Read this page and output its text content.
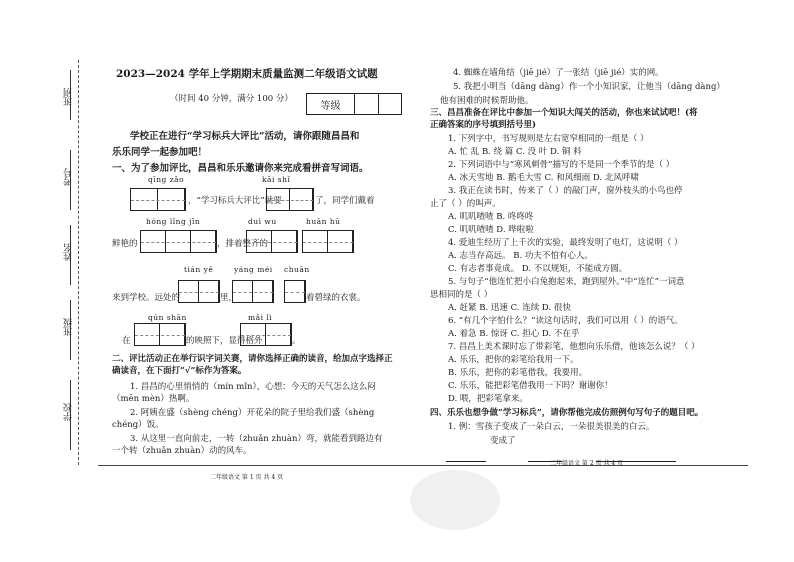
班别
考号
姓名
班级
学校
2023—2024 学年上学期期末质量监测二年级语文试题
（时间 40 分钟，满分 100 分）
等级
学校正在进行“学习标兵大评比”活动，请你跟随昌昌和
乐乐同学一起参加吧！
一、为了参加评比，昌昌和乐乐邀请你来完成看拼音写词语。
qīng zǎo	kāi shǐ
，“学习标兵大评比”就要	了，同学们戴着
hóng lǐng jīn	duì wu	huān hū
鲜艳的	，排着整齐的
tián yě	yáng méi chuān
来到学校。远处的	里，	着碧绿的衣裳。
qún shān	mǎi lì
在	的映照下，显得格外	。
二、评比活动正在举行识字词关赛，请你选择正确的读音，给加点字选择正
确读音，在下面打“√”标作为答案。
1. 昌昌的心里悄悄的（mín mǐn），心想：今天的天气怎么这么闷
（mēn mèn）热啊。
2. 阿姨在盛（shèng chéng）开花朵的院子里给我们盛（shèng
chéng）饭。
3. 从这里一直向前走，一转（zhuǎn zhuàn）弯，就能看到路边有
一个转（zhuǎn zhuàn）动的风车。
二年级语文 第 1 页 共 4 页
4. 蜘蛛在墙角结（jiē jié）了一张结（jiē jié）实的网。
5. 我把小明当（dāng dàng）作一个小知识家，让他当（dāng dàng）
他有困难的时候帮助他。
三、昌昌准备在评比中参加一个知识大闯关的活动，你也来试试吧！(将
正确答案的序号填到括号里)
1. 下列字中，书写规则是左右宽窄相同的一组是（ ）
A. 忙 乱 B. 绕 篇 C. 没 叶 D. 铜 料
2. 下列词语中与“寒风刺骨”描写的不是同一个季节的是（ ）
A. 冰天雪地 B. 鹅毛大雪 C. 和风细雨 D. 北风呼啸
3. 我正在读书时，传来了（ ）的敲门声，窗外枝头的小鸟也停
止了（ ）的叫声。
A. 叽叽喳喳 B. 咚咚咚
C. 叽叽喳喳 D. 哗啦啦
4. 爱迪生经历了上千次的实验，最终发明了电灯，这说明（ ）
A. 志当存高远。 B. 功夫不怕有心人。
C. 有志者事竟成。 D. 不以规矩，不能成方圆。
5. 与句子“他连忙把小白兔抱起来，跑到屋外。”中“连忙”一词意
思相同的是（ ）
A. 赶紧 B. 迅速 C. 连续 D. 很快
6. “有几个字怕什么？”读这句话时，我们可以用（ ）的语气。
A. 着急 B. 惊讶 C. 担心 D. 不在乎
7. 昌昌上美术课时忘了带彩笔，他想向乐乐借，他该怎么说？（ ）
A. 乐乐，把你的彩笔给我用一下。
B. 乐乐，把你的彩笔借我，我要用。
C. 乐乐，能把彩笔借我用一下吗？谢谢你！
D. 喂，把彩笔拿来。
四、乐乐也想争做“学习标兵”，请你帮他完成仿照例句写句子的题目吧。
1. 例：雪孩子变成了一朵白云，一朵很美很美的白云。
变成了
二年级语文 第 2 页 共 4 页
